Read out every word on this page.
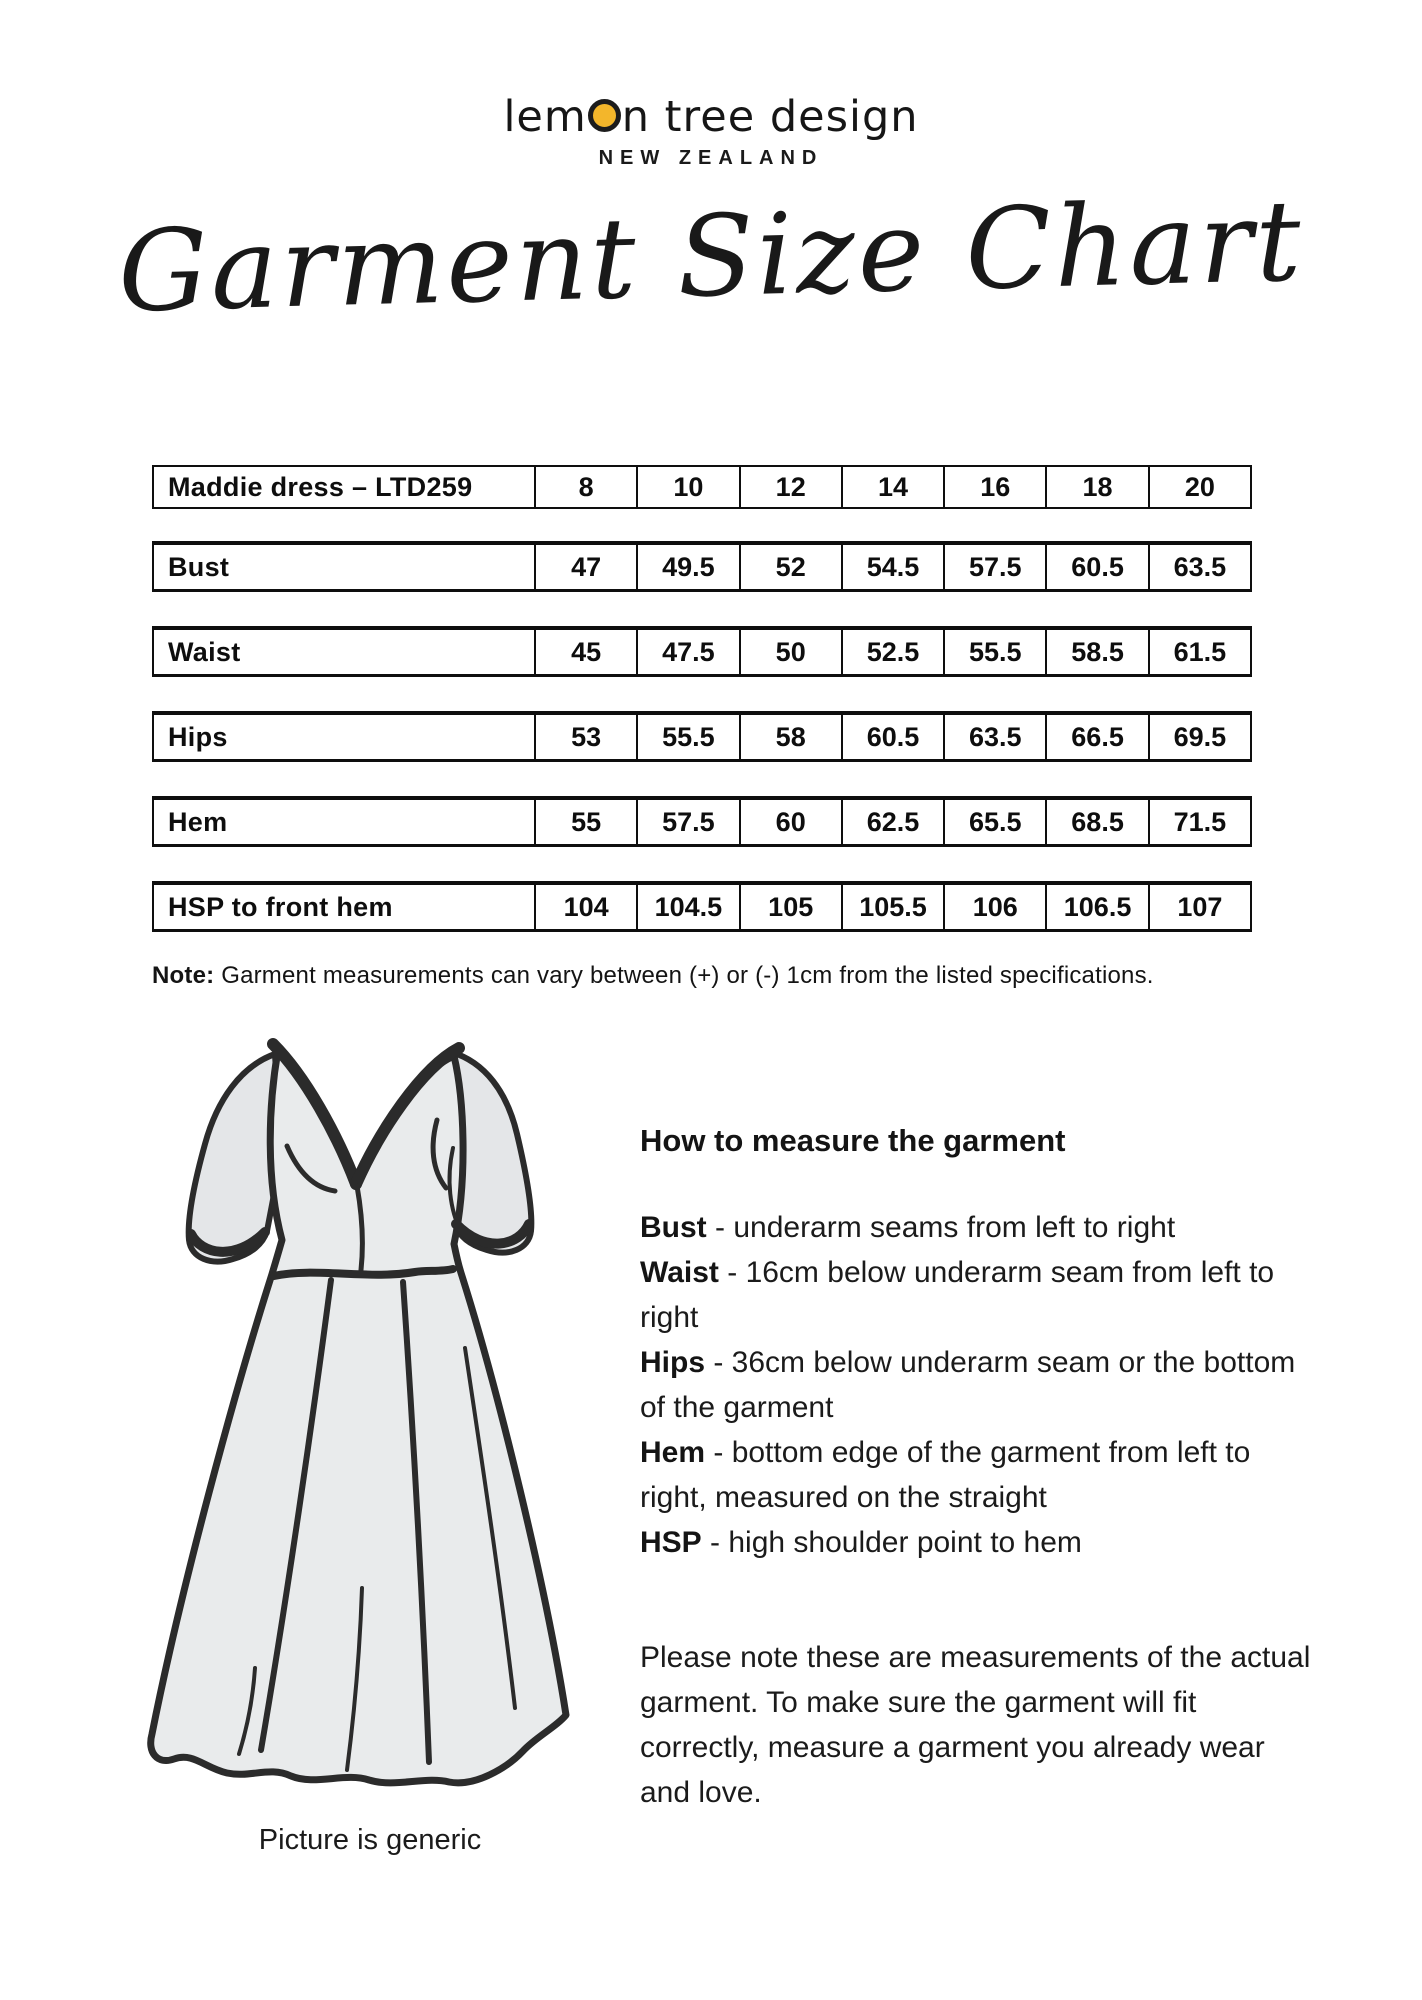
lem n tree design
NEW ZEALAND
Garment Size Chart
Maddie dress – LTD259	8	10	12	14	16	18	20
Bust	47	49.5	52	54.5	57.5	60.5	63.5
Waist	45	47.5	50	52.5	55.5	58.5	61.5
Hips	53	55.5	58	60.5	63.5	66.5	69.5
Hem	55	57.5	60	62.5	65.5	68.5	71.5
HSP to front hem	104	104.5	105	105.5	106	106.5	107
Note: Garment measurements can vary between (+) or (-) 1cm from the listed specifications.
Picture is generic
How to measure the garment
Bust - underarm seams from left to right
Waist - 16cm below underarm seam from left to right
Hips - 36cm below underarm seam or the bottom of the garment
Hem - bottom edge of the garment from left to right, measured on the straight
HSP - high shoulder point to hem
Please note these are measurements of the actual garment. To make sure the garment will fit correctly, measure a garment you already wear and love.
